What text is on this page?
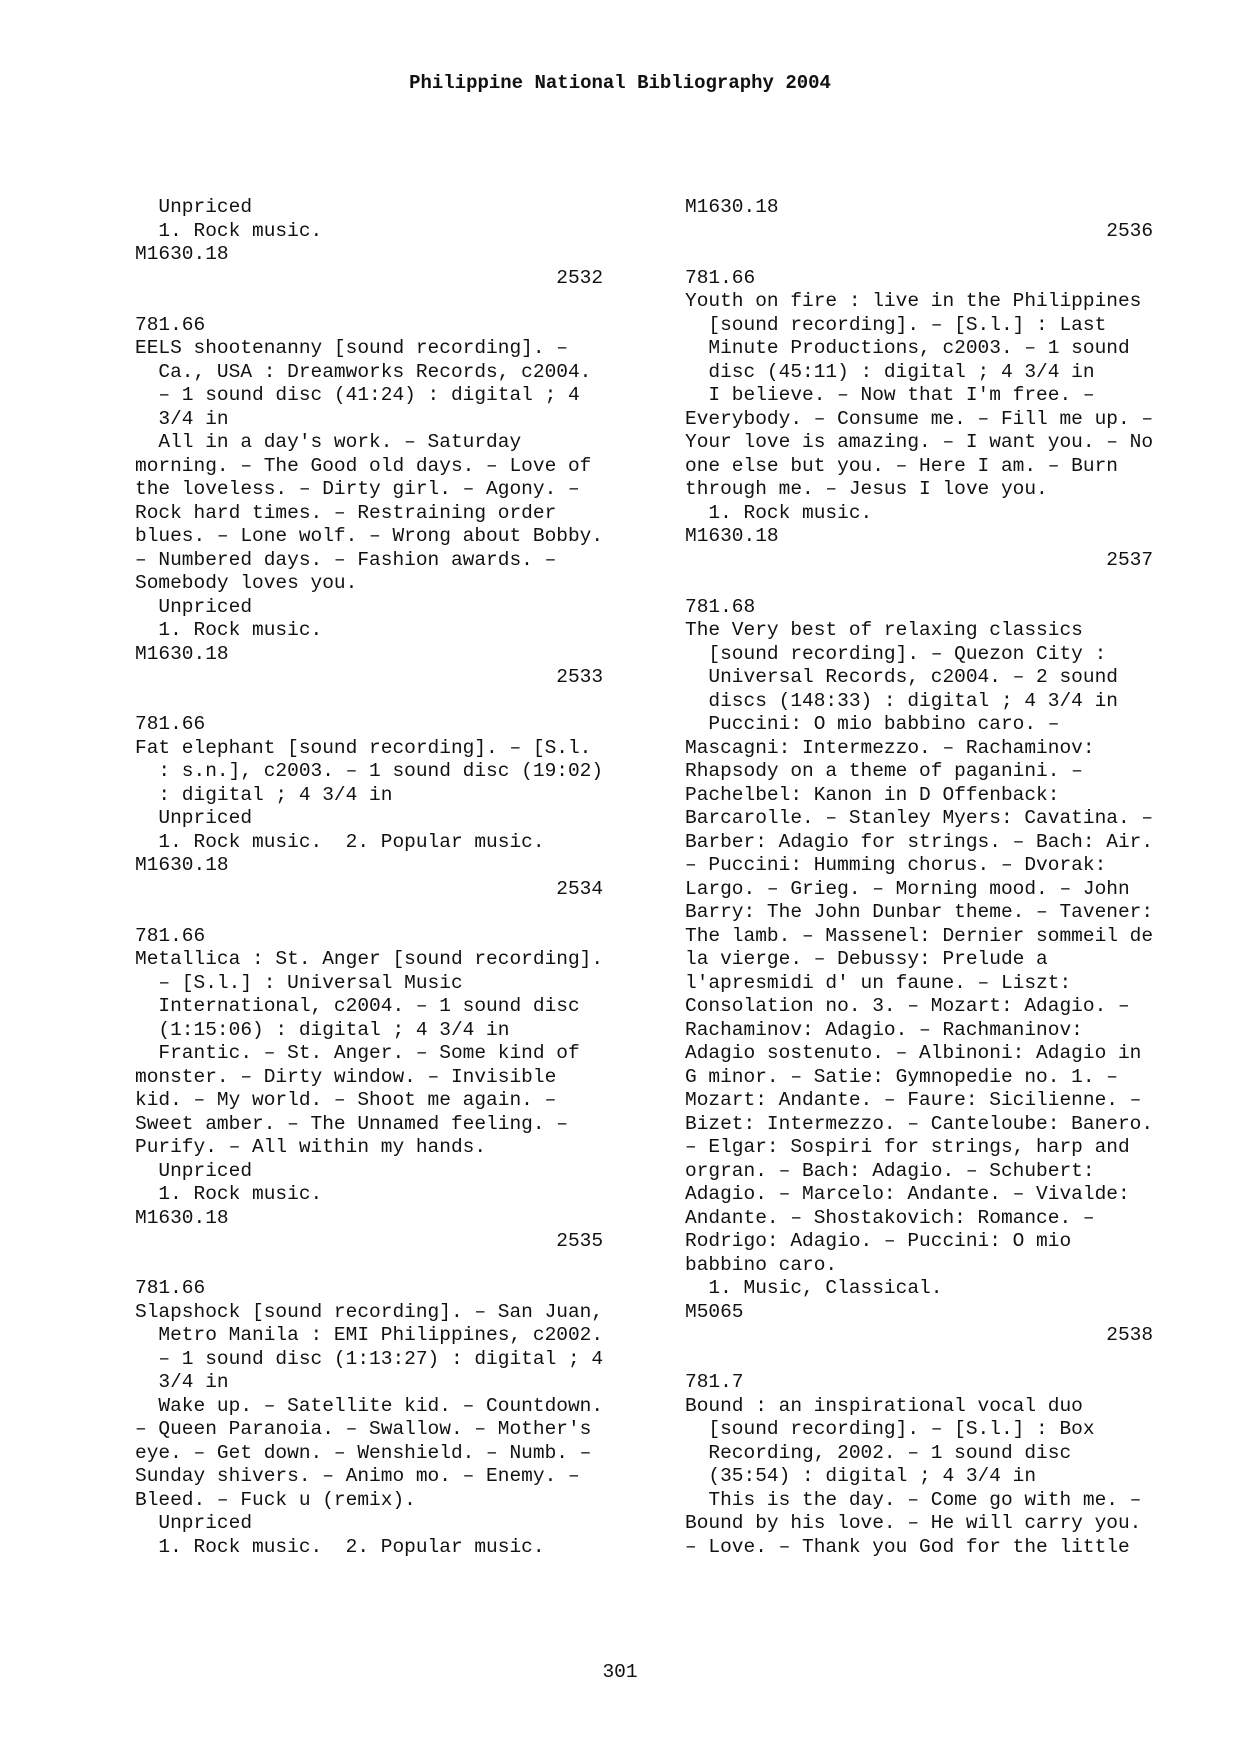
Philippine National Bibliography 2004
Unpriced
1. Rock music.
M1630.18
2532
781.66
EELS shootenanny [sound recording]. –
Ca., USA : Dreamworks Records, c2004.
– 1 sound disc (41:24) : digital ; 4
3/4 in
All in a day's work. – Saturday
morning. – The Good old days. – Love of
the loveless. – Dirty girl. – Agony. –
Rock hard times. – Restraining order
blues. – Lone wolf. – Wrong about Bobby.
– Numbered days. – Fashion awards. –
Somebody loves you.
Unpriced
1. Rock music.
M1630.18
2533
781.66
Fat elephant [sound recording]. – [S.l.
: s.n.], c2003. – 1 sound disc (19:02)
: digital ; 4 3/4 in
Unpriced
1. Rock music.  2. Popular music.
M1630.18
2534
781.66
Metallica : St. Anger [sound recording].
– [S.l.] : Universal Music
International, c2004. – 1 sound disc
(1:15:06) : digital ; 4 3/4 in
Frantic. – St. Anger. – Some kind of
monster. – Dirty window. – Invisible
kid. – My world. – Shoot me again. –
Sweet amber. – The Unnamed feeling. –
Purify. – All within my hands.
Unpriced
1. Rock music.
M1630.18
2535
781.66
Slapshock [sound recording]. – San Juan,
Metro Manila : EMI Philippines, c2002.
– 1 sound disc (1:13:27) : digital ; 4
3/4 in
Wake up. – Satellite kid. – Countdown.
– Queen Paranoia. – Swallow. – Mother's
eye. – Get down. – Wenshield. – Numb. –
Sunday shivers. – Animo mo. – Enemy. –
Bleed. – Fuck u (remix).
Unpriced
1. Rock music.  2. Popular music.
M1630.18
2536
781.66
Youth on fire : live in the Philippines
[sound recording]. – [S.l.] : Last
Minute Productions, c2003. – 1 sound
disc (45:11) : digital ; 4 3/4 in
I believe. – Now that I'm free. –
Everybody. – Consume me. – Fill me up. –
Your love is amazing. – I want you. – No
one else but you. – Here I am. – Burn
through me. – Jesus I love you.
1. Rock music.
M1630.18
2537
781.68
The Very best of relaxing classics
[sound recording]. – Quezon City :
Universal Records, c2004. – 2 sound
discs (148:33) : digital ; 4 3/4 in
Puccini: O mio babbino caro. –
Mascagni: Intermezzo. – Rachaminov:
Rhapsody on a theme of paganini. –
Pachelbel: Kanon in D Offenback:
Barcarolle. – Stanley Myers: Cavatina. –
Barber: Adagio for strings. – Bach: Air.
– Puccini: Humming chorus. – Dvorak:
Largo. – Grieg. – Morning mood. – John
Barry: The John Dunbar theme. – Tavener:
The lamb. – Massenel: Dernier sommeil de
la vierge. – Debussy: Prelude a
l'apresmidi d' un faune. – Liszt:
Consolation no. 3. – Mozart: Adagio. –
Rachaminov: Adagio. – Rachmaninov:
Adagio sostenuto. – Albinoni: Adagio in
G minor. – Satie: Gymnopedie no. 1. –
Mozart: Andante. – Faure: Sicilienne. –
Bizet: Intermezzo. – Canteloube: Banero.
– Elgar: Sospiri for strings, harp and
orgran. – Bach: Adagio. – Schubert:
Adagio. – Marcelo: Andante. – Vivalde:
Andante. – Shostakovich: Romance. –
Rodrigo: Adagio. – Puccini: O mio
babbino caro.
1. Music, Classical.
M5065
2538
781.7
Bound : an inspirational vocal duo
[sound recording]. – [S.l.] : Box
Recording, 2002. – 1 sound disc
(35:54) : digital ; 4 3/4 in
This is the day. – Come go with me. –
Bound by his love. – He will carry you.
– Love. – Thank you God for the little
301
